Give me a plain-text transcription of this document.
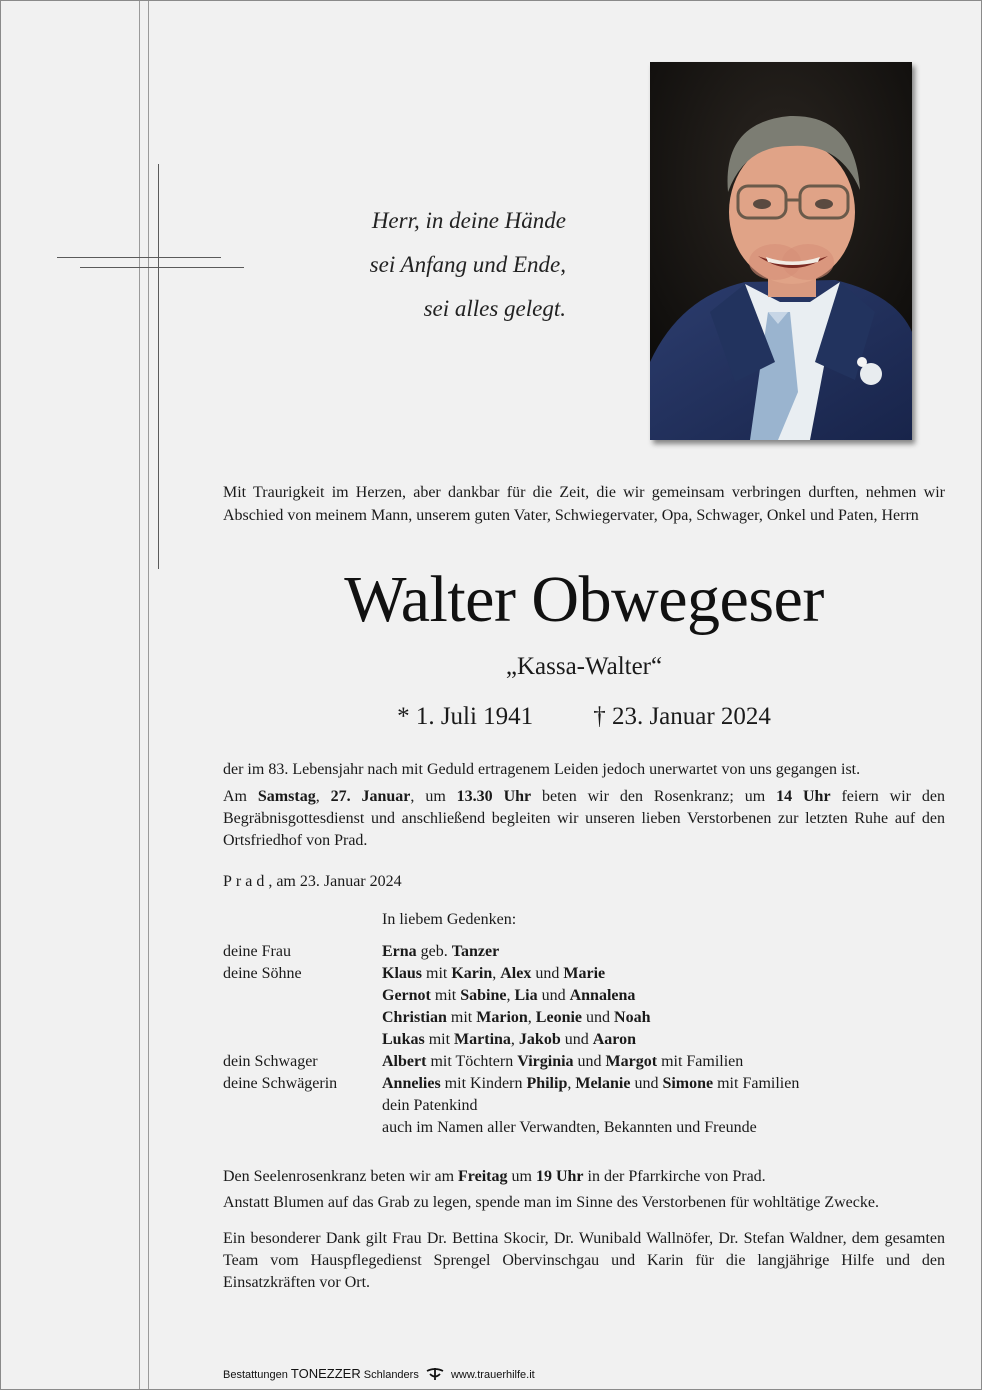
Herr, in deine Hände
sei Anfang und Ende,
sei alles gelegt.
Mit Traurigkeit im Herzen, aber dankbar für die Zeit, die wir gemeinsam verbringen durften, nehmen wir Abschied von meinem Mann, unserem guten Vater, Schwiegervater, Opa, Schwager, Onkel und Paten, Herrn
Walter Obwegeser
„Kassa-Walter“
* 1. Juli 1941 † 23. Januar 2024
der im 83. Lebensjahr nach mit Geduld ertragenem Leiden jedoch unerwartet von uns gegangen ist.
Am Samstag, 27. Januar, um 13.30 Uhr beten wir den Rosenkranz; um 14 Uhr feiern wir den Begräbnisgottesdienst und anschließend begleiten wir unseren lieben Verstorbenen zur letzten Ruhe auf den Ortsfriedhof von Prad.
Prad, am 23. Januar 2024
In liebem Gedenken:
deine Frau	Erna geb. Tanzer
deine Söhne	Klaus mit Karin, Alex und Marie
Gernot mit Sabine, Lia und Annalena
Christian mit Marion, Leonie und Noah
Lukas mit Martina, Jakob und Aaron
dein Schwager	Albert mit Töchtern Virginia und Margot mit Familien
deine Schwägerin	Annelies mit Kindern Philip, Melanie und Simone mit Familien
dein Patenkind
auch im Namen aller Verwandten, Bekannten und Freunde
Den Seelenrosenkranz beten wir am Freitag um 19 Uhr in der Pfarrkirche von Prad.
Anstatt Blumen auf das Grab zu legen, spende man im Sinne des Verstorbenen für wohltätige Zwecke.
Ein besonderer Dank gilt Frau Dr. Bettina Skocir, Dr. Wunibald Wallnöfer, Dr. Stefan Waldner, dem gesamten Team vom Hauspflegedienst Sprengel Obervinschgau und Karin für die langjährige Hilfe und den Einsatzkräften vor Ort.
Bestattungen TONEZZER Schlanders	www.trauerhilfe.it
